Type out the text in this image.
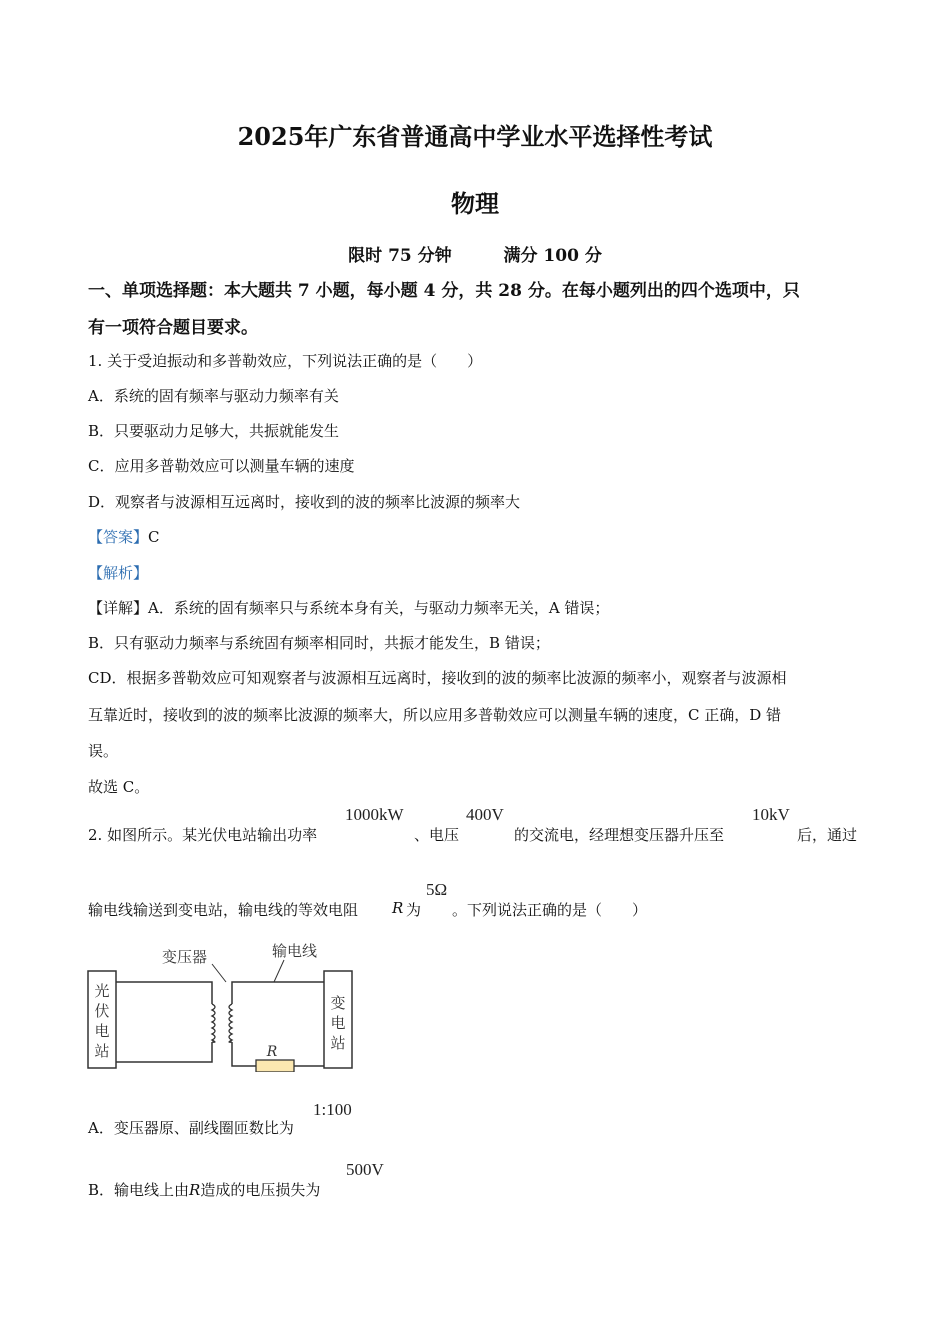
2025年广东省普通高中学业水平选择性考试
物理
限时 75 分钟	满分 100 分
一、单项选择题：本大题共 7 小题，每小题 4 分，共 28 分。在每小题列出的四个选项中，只
有一项符合题目要求。
1. 关于受迫振动和多普勒效应，下列说法正确的是（　　）
A．系统的固有频率与驱动力频率有关
B．只要驱动力足够大，共振就能发生
C．应用多普勒效应可以测量车辆的速度
D．观察者与波源相互远离时，接收到的波的频率比波源的频率大
【答案】C
【解析】
【详解】A．系统的固有频率只与系统本身有关，与驱动力频率无关，A 错误；
B．只有驱动力频率与系统固有频率相同时，共振才能发生，B 错误；
CD．根据多普勒效应可知观察者与波源相互远离时，接收到的波的频率比波源的频率小，观察者与波源相
互靠近时，接收到的波的频率比波源的频率大，所以应用多普勒效应可以测量车辆的速度，C 正确，D 错
误。
故选 C。
2. 如图所示。某光伏电站输出功率
1000kW
、电压
400V
的交流电，经理想变压器升压至
10kV
后，通过
输电线输送到变电站，输电线的等效电阻 R 为
5Ω
。下列说法正确的是（　　）
光
伏
电
站	R
变
电
站
变压器	输电线
A．变压器原、副线圈匝数比为
1:100
B．输电线上由R造成的电压损失为
500V
